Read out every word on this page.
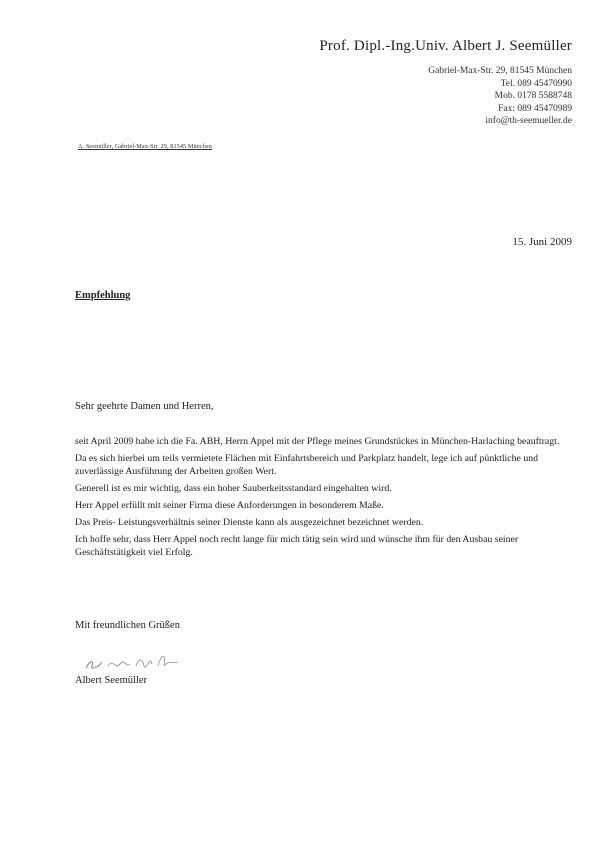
Prof. Dipl.-Ing.Univ. Albert J. Seemüller
Gabriel-Max-Str. 29, 81545 München
Tel. 089 45470990
Mob. 0178 5588748
Fax: 089 45470989
info@th-seemueller.de
A. Seemüller, Gabriel-Max-Str. 29, 81545 München
15. Juni 2009
Empfehlung
Sehr geehrte Damen und Herren,

seit April 2009 habe ich die Fa. ABH, Herrn Appel mit der Pflege meines Grundstückes in München-Harlaching beauftragt.

Da es sich hierbei um teils vermietete Flächen mit Einfahrtsbereich und Parkplatz handelt, lege ich auf pünktliche und zuverlässige Ausführung der Arbeiten großen Wert.

Generell ist es mir wichtig, dass ein hoher Sauberkeitsstandard eingehalten wird.

Herr Appel erfüllt mit seiner Firma diese Anforderungen in besonderem Maße.

Das Preis- Leistungsverhältnis seiner Dienste kann als ausgezeichnet bezeichnet werden.

Ich hoffe sehr, dass Herr Appel noch recht lange für mich tätig sein wird und wünsche ihm für den Ausbau seiner Geschäftstätigkeit viel Erfolg.

Mit freundlichen Grüßen
Albert Seemüller
